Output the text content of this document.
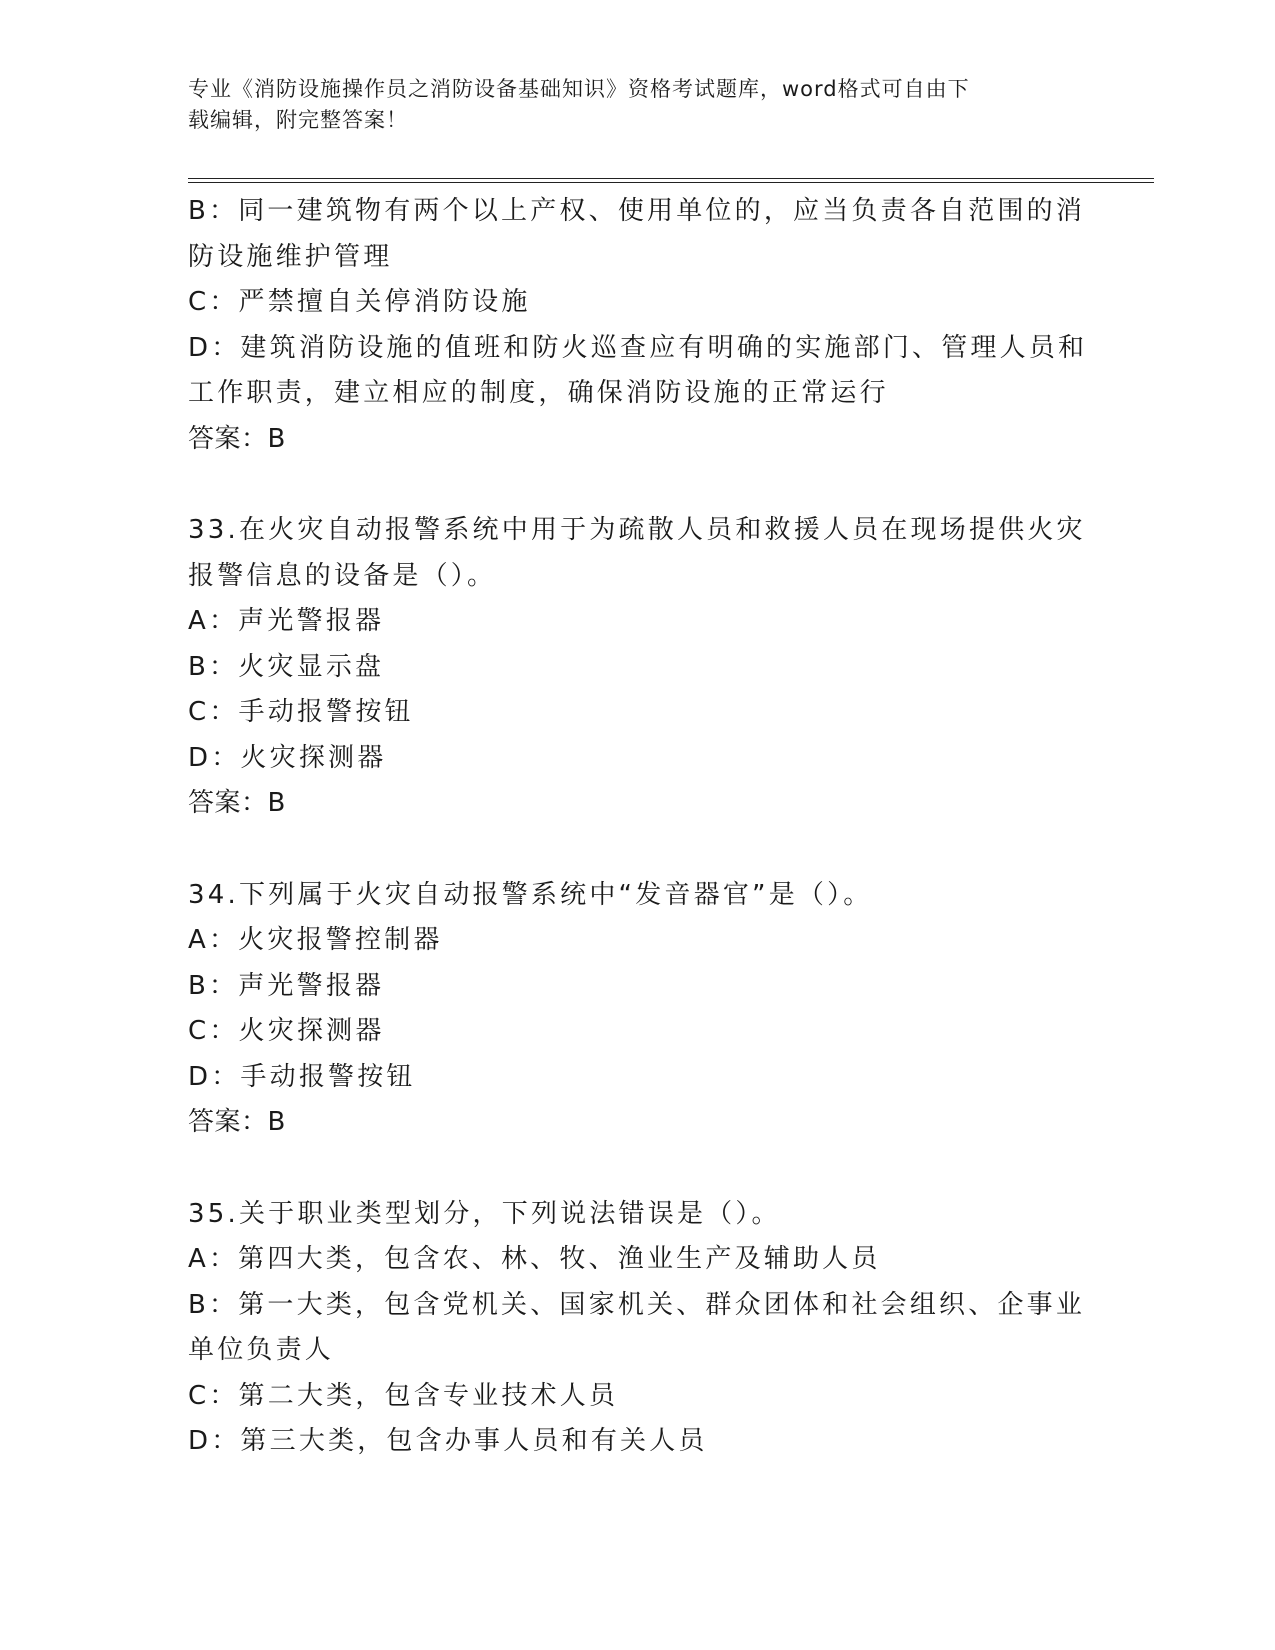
专业《消防设施操作员之消防设备基础知识》资格考试题库，word格式可自由下
载编辑，附完整答案！
B：同一建筑物有两个以上产权、使用单位的，应当负责各自范围的消
防设施维护管理
C：严禁擅自关停消防设施
D：建筑消防设施的值班和防火巡查应有明确的实施部门、管理人员和
工作职责，建立相应的制度，确保消防设施的正常运行
答案：B
33.在火灾自动报警系统中用于为疏散人员和救援人员在现场提供火灾
报警信息的设备是（）。
A：声光警报器
B：火灾显示盘
C：手动报警按钮
D：火灾探测器
答案：B
34.下列属于火灾自动报警系统中“发音器官”是（）。
A：火灾报警控制器
B：声光警报器
C：火灾探测器
D：手动报警按钮
答案：B
35.关于职业类型划分，下列说法错误是（）。
A：第四大类，包含农、林、牧、渔业生产及辅助人员
B：第一大类，包含党机关、国家机关、群众团体和社会组织、企事业
单位负责人
C：第二大类，包含专业技术人员
D：第三大类，包含办事人员和有关人员
